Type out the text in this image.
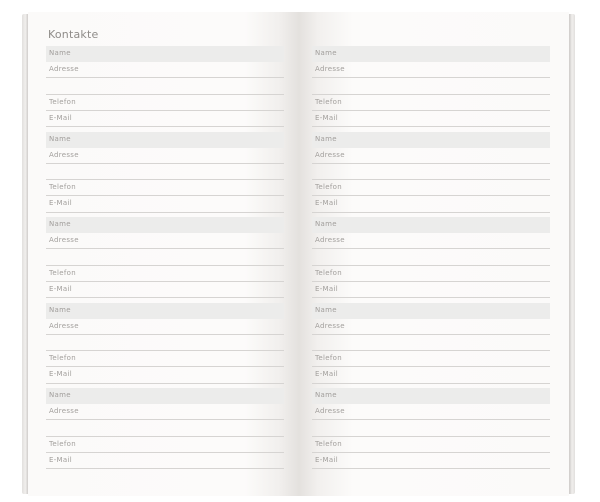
Kontakte
Name
Adresse
Telefon
E-Mail
Name
Adresse
Telefon
E-Mail
Name
Adresse
Telefon
E-Mail
Name
Adresse
Telefon
E-Mail
Name
Adresse
Telefon
E-Mail
Name
Adresse
Telefon
E-Mail
Name
Adresse
Telefon
E-Mail
Name
Adresse
Telefon
E-Mail
Name
Adresse
Telefon
E-Mail
Name
Adresse
Telefon
E-Mail
